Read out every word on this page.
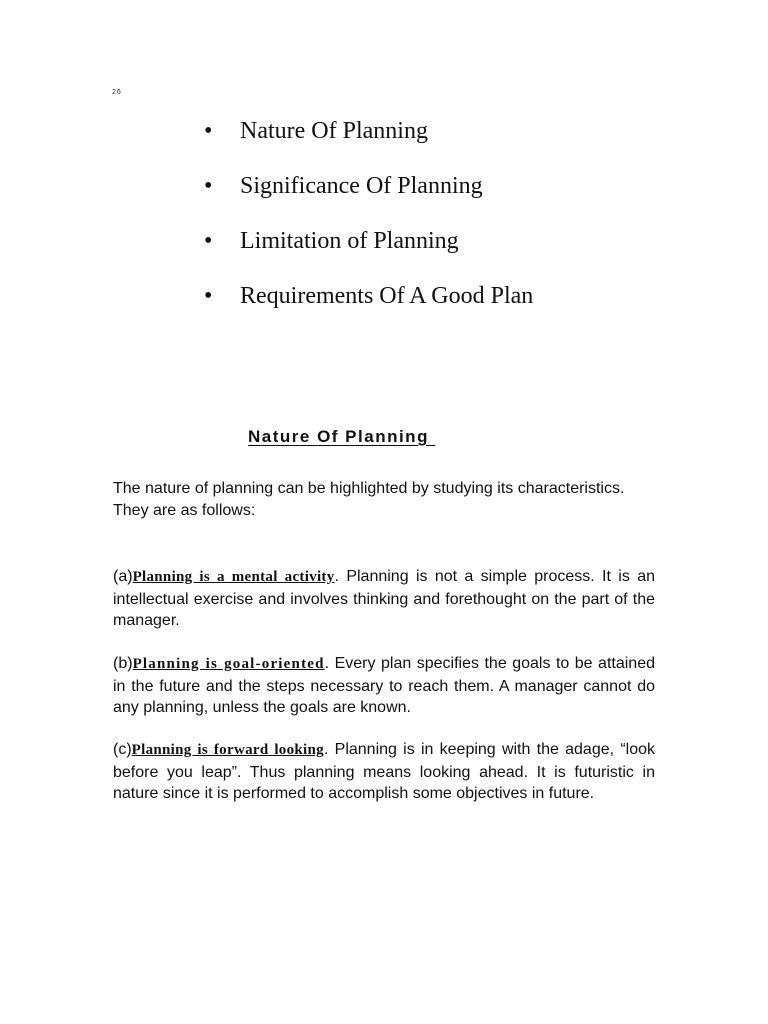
26
•	Nature Of Planning
•	Significance Of Planning
•	Limitation of Planning
•	Requirements Of A Good Plan
Nature Of Planning

The nature of planning can be highlighted by studying its characteristics.

They are as follows:

(a)Planning is a mental activity. Planning is not a simple process. It is an intellectual exercise and involves thinking and forethought on the part of the manager.

(b)Planning is goal-oriented. Every plan specifies the goals to be attained in the future and the steps necessary to reach them. A manager cannot do any planning, unless the goals are known.

(c)Planning is forward looking. Planning is in keeping with the adage, “look before you leap”. Thus planning means looking ahead. It is futuristic in nature since it is performed to accomplish some objectives in future.
